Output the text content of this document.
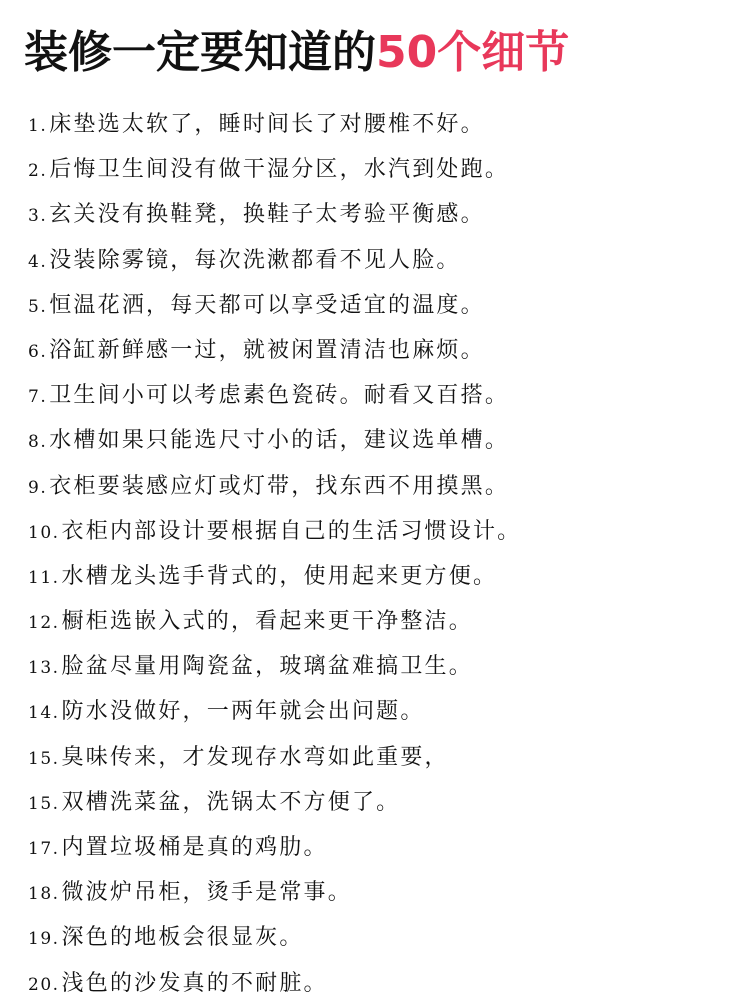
装修一定要知道的50个细节
1.床垫选太软了，睡时间长了对腰椎不好。
2.后悔卫生间没有做干湿分区，水汽到处跑。
3.玄关没有换鞋凳，换鞋子太考验平衡感。
4.没装除雾镜，每次洗漱都看不见人脸。
5.恒温花洒，每天都可以享受适宜的温度。
6.浴缸新鲜感一过，就被闲置清洁也麻烦。
7.卫生间小可以考虑素色瓷砖。耐看又百搭。
8.水槽如果只能选尺寸小的话，建议选单槽。
9.衣柜要装感应灯或灯带，找东西不用摸黑。
10.衣柜内部设计要根据自己的生活习惯设计。
11.水槽龙头选手背式的，使用起来更方便。
12.橱柜选嵌入式的，看起来更干净整洁。
13.脸盆尽量用陶瓷盆，玻璃盆难搞卫生。
14.防水没做好，一两年就会出问题。
15.臭味传来，才发现存水弯如此重要，
15.双槽洗菜盆，洗锅太不方便了。
17.内置垃圾桶是真的鸡肋。
18.微波炉吊柜，烫手是常事。
19.深色的地板会很显灰。
20.浅色的沙发真的不耐脏。
